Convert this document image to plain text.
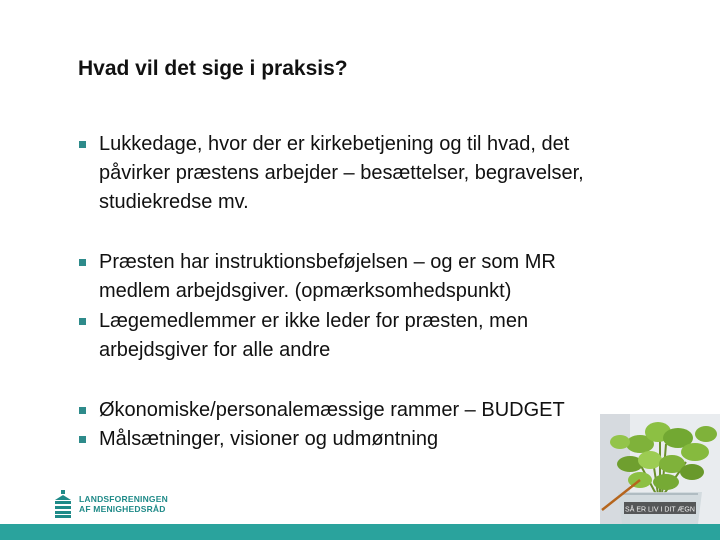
Hvad vil det sige i praksis?
Lukkedage, hvor der er kirkebetjening og til hvad, det
påvirker præstens arbejder – besættelser, begravelser,
studiekredse mv.
Præsten har instruktionsbeføjelsen – og er som MR
medlem arbejdsgiver. (opmærksomhedspunkt)
Lægemedlemmer er ikke leder for præsten, men
arbejdsgiver for alle andre
Økonomiske/personalemæssige rammer – BUDGET
Målsætninger, visioner og udmøntning
SÅ ER LIV I DIT ÆGN
LANDSFORENINGEN
AF MENIGHEDSRÅD
